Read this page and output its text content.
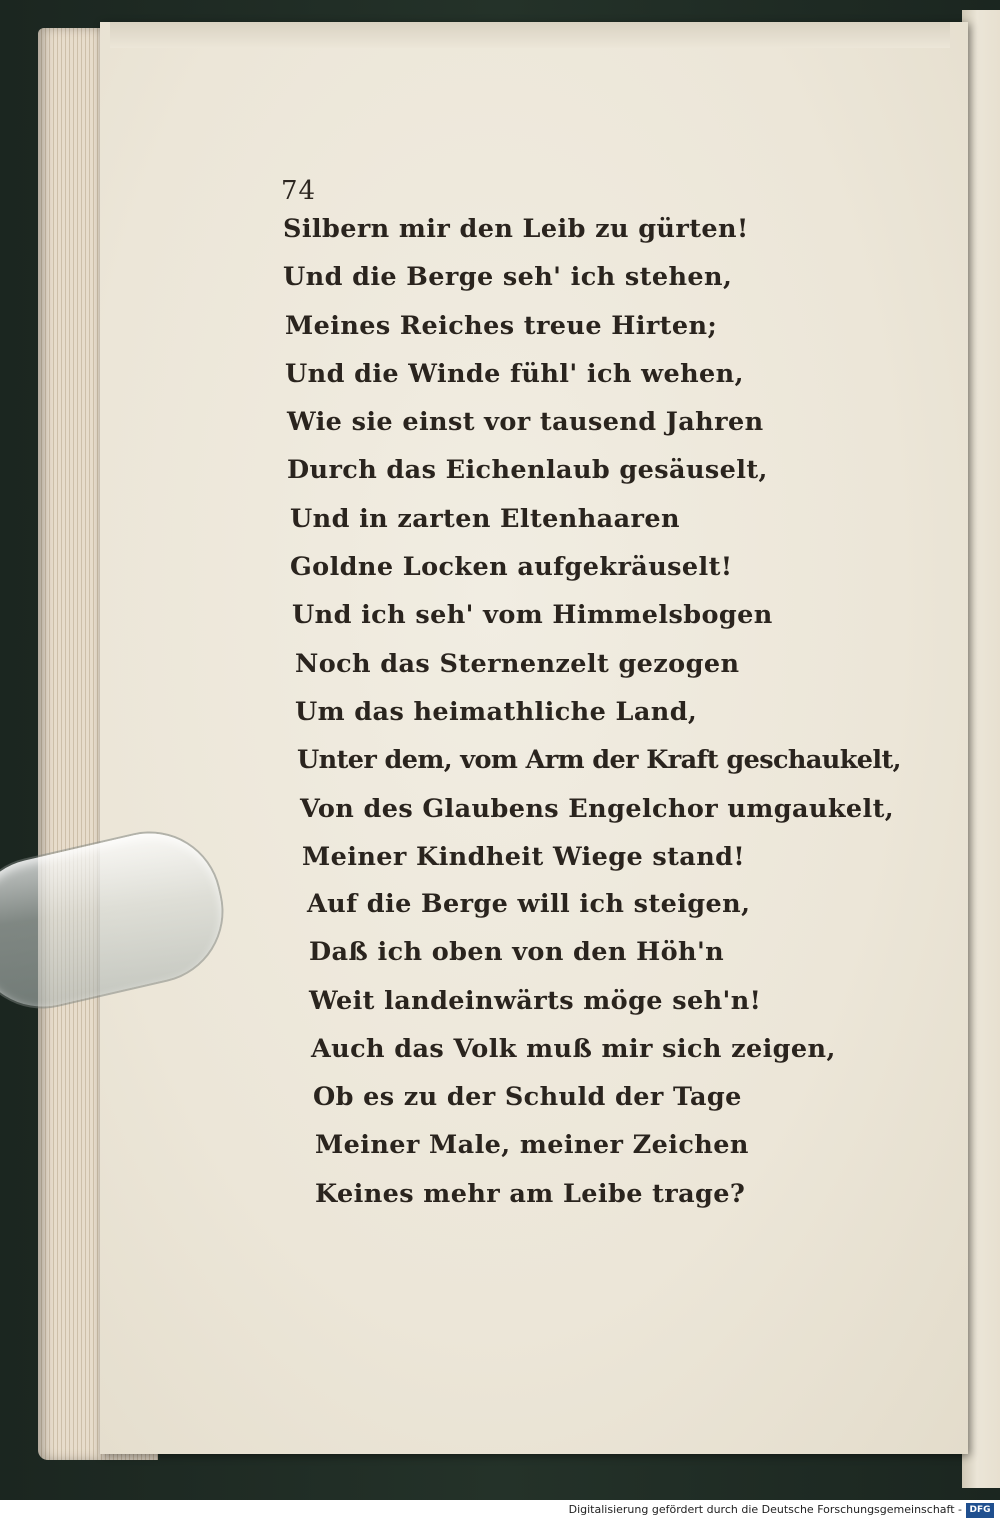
74
Silbern mir den Leib zu gürten!
Und die Berge seh' ich stehen,
Meines Reiches treue Hirten;
Und die Winde fühl' ich wehen,
Wie sie einst vor tausend Jahren
Durch das Eichenlaub gesäuselt,
Und in zarten Eltenhaaren
Goldne Locken aufgekräuselt!
Und ich seh' vom Himmelsbogen
Noch das Sternenzelt gezogen
Um das heimathliche Land,
Unter dem, vom Arm der Kraft geschaukelt,
Von des Glaubens Engelchor umgaukelt,
Meiner Kindheit Wiege stand!
Auf die Berge will ich steigen,
Daß ich oben von den Höh'n
Weit landeinwärts möge seh'n!
Auch das Volk muß mir sich zeigen,
Ob es zu der Schuld der Tage
Meiner Male, meiner Zeichen
Keines mehr am Leibe trage?
Digitalisierung gefördert durch die Deutsche Forschungsgemeinschaft - DFG
